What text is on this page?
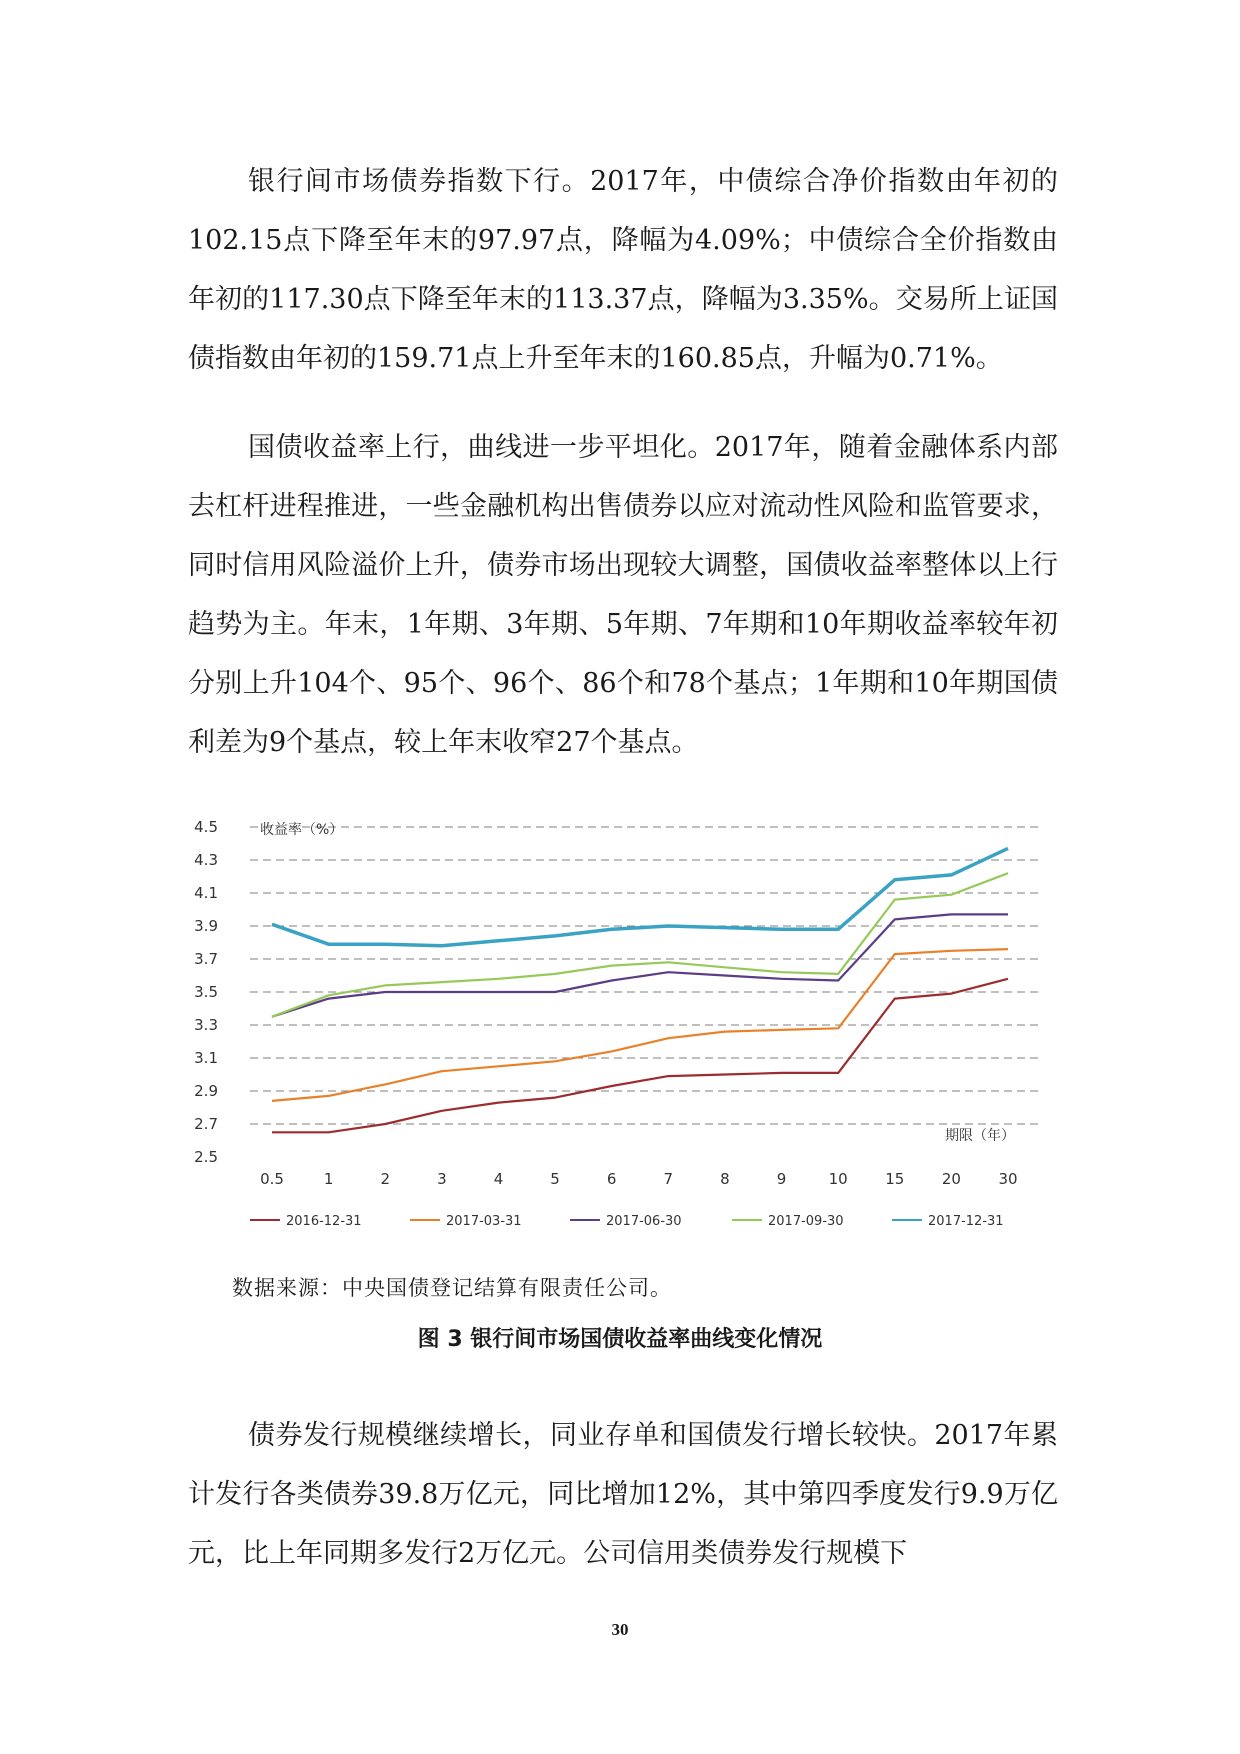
银行间市场债券指数下行。2017年，中债综合净价指数由年初的102.15点下降至年末的97.97点，降幅为4.09%；中债综合全价指数由年初的117.30点下降至年末的113.37点，降幅为3.35%。交易所上证国债指数由年初的159.71点上升至年末的160.85点，升幅为0.71%。
国债收益率上行，曲线进一步平坦化。2017年，随着金融体系内部去杠杆进程推进，一些金融机构出售债券以应对流动性风险和监管要求，同时信用风险溢价上升，债券市场出现较大调整，国债收益率整体以上行趋势为主。年末，1年期、3年期、5年期、7年期和10年期收益率较年初分别上升104个、95个、96个、86个和78个基点；1年期和10年期国债利差为9个基点，较上年末收窄27个基点。
4.5
4.3
4.1
3.9
3.7
3.5
3.3
3.1
2.9
2.7
2.5
0.5	1	2	3	4	5	6	7	8	9	10	15	20	30
收益率（%）
期限（年）
2016-12-31	2017-03-31	2017-06-30	2017-09-30	2017-12-31
数据来源：中央国债登记结算有限责任公司。
图 3 银行间市场国债收益率曲线变化情况
30
债券发行规模继续增长，同业存单和国债发行增长较快。2017年累计发行各类债券39.8万亿元，同比增加12%，其中第四季度发行9.9万亿元，比上年同期多发行2万亿元。公司信用类债券发行规模下
